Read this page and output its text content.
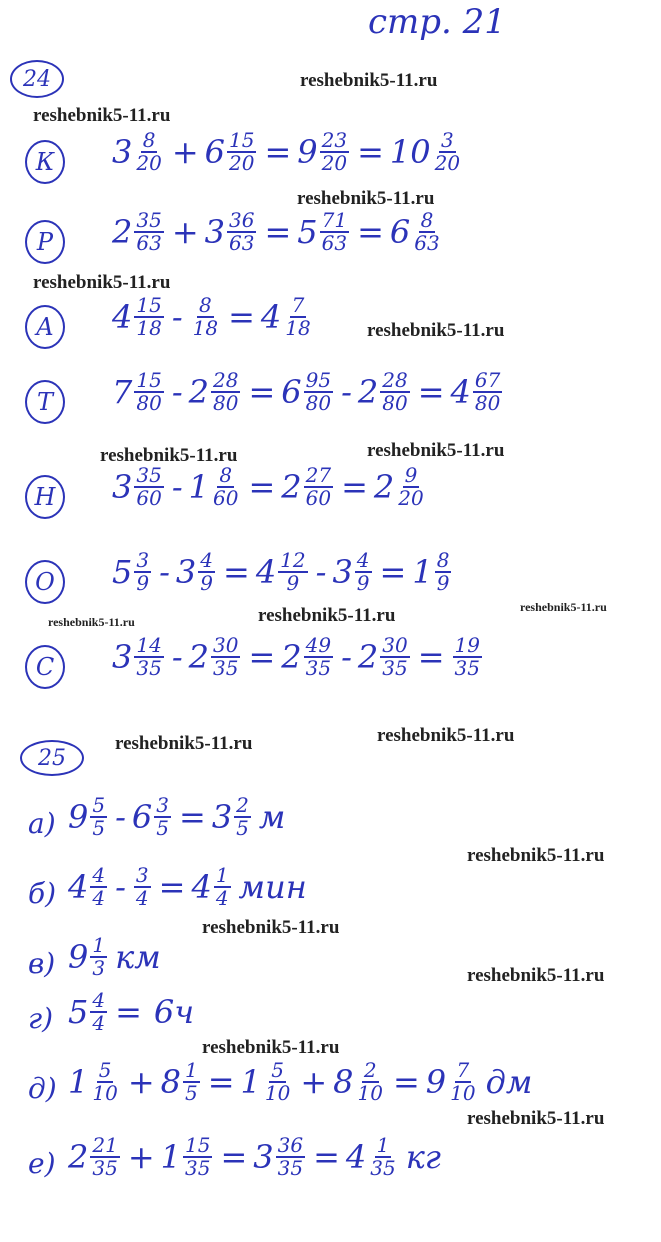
стр. 21
24
25
reshebnik5-11.ru
reshebnik5-11.ru
reshebnik5-11.ru
reshebnik5-11.ru
reshebnik5-11.ru
reshebnik5-11.ru	reshebnik5-11.ru
reshebnik5-11.ru	reshebnik5-11.ru	reshebnik5-11.ru
reshebnik5-11.ru	reshebnik5-11.ru
reshebnik5-11.ru
reshebnik5-11.ru
reshebnik5-11.ru
reshebnik5-11.ru
reshebnik5-11.ru
К	$3 \frac{8}{20} + 6 \frac{15}{20} = 9 \frac{23}{20} = 10 \frac{3}{20}$
Р	$2 \frac{35}{63} + 3 \frac{36}{63} = 5 \frac{71}{63} = 6 \frac{8}{63}$
А	$4 \frac{15}{18} - \frac{8}{18} = 4 \frac{7}{18}$
Т	$7 \frac{15}{80} - 2 \frac{28}{80} = 6 \frac{95}{80} - 2 \frac{28}{80} = 4 \frac{67}{80}$
Н $3 \frac{35}{60} - 1 \frac{8}{60} = 2 \frac{27}{60} = 2 \frac{9}{20}$
О	$5 \frac{3}{9} - 3 \frac{4}{9} = 4 \frac{12}{9} - 3 \frac{4}{9} = 1 \frac{8}{9}$
С	$3 \frac{14}{35} - 2 \frac{30}{35} = 2 \frac{49}{35} - 2 \frac{30}{35} = \frac{19}{35}$
а) $9 \frac{5}{5} - 6 \frac{3}{5} = 3 \frac{2}{5}$ м
б) $4 \frac{4}{4} - \frac{3}{4} = 4 \frac{1}{4}$ мин
в) $9 \frac{1}{3}$ км
г) $5 \frac{4}{4} = 6ч$
д) $1 \frac{5}{10} + 8 \frac{1}{5} = 1 \frac{5}{10} + 8 \frac{2}{10} = 9 \frac{7}{10}$ дм
е) $2 \frac{21}{35} + 1 \frac{15}{35} = 3 \frac{36}{35} = 4 \frac{1}{35}$ кг
